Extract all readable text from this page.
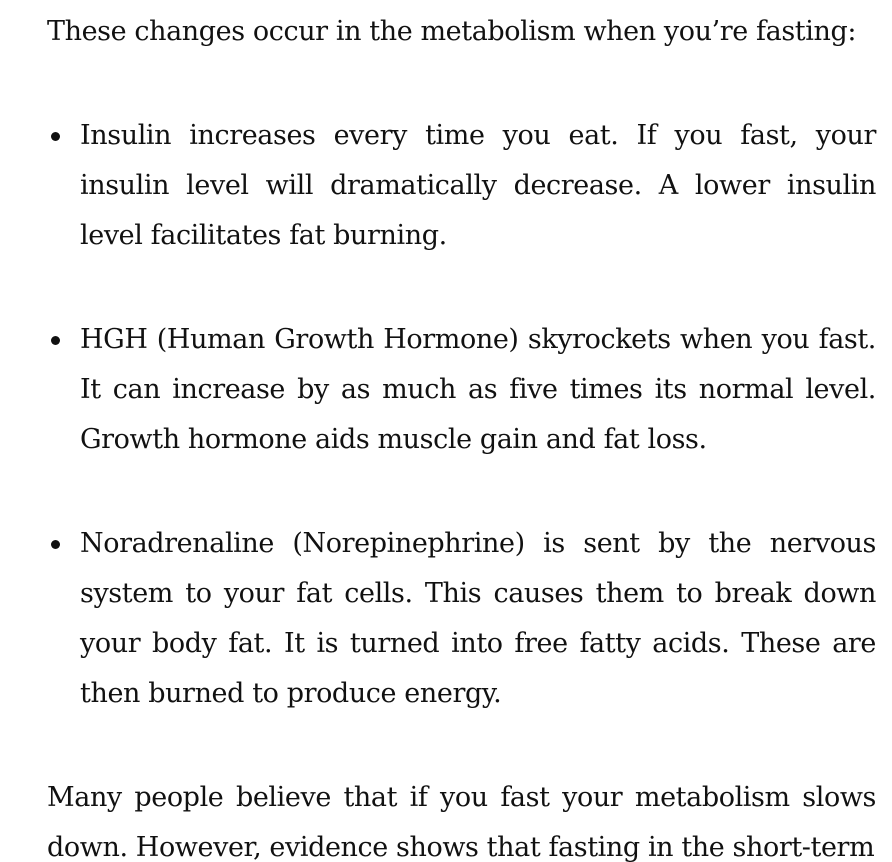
These changes occur in the metabolism when you’re fasting:

Insulin increases every time you eat. If you fast, your insulin level will dramatically decrease. A lower insulin level facilitates fat burning.
HGH (Human Growth Hormone) skyrockets when you fast. It can increase by as much as five times its normal level. Growth hormone aids muscle gain and fat loss.
Noradrenaline (Norepinephrine) is sent by the nervous system to your fat cells. This causes them to break down your body fat. It is turned into free fatty acids. These are then burned to produce energy.

Many people believe that if you fast your metabolism slows down. However, evidence shows that fasting in the short-term
